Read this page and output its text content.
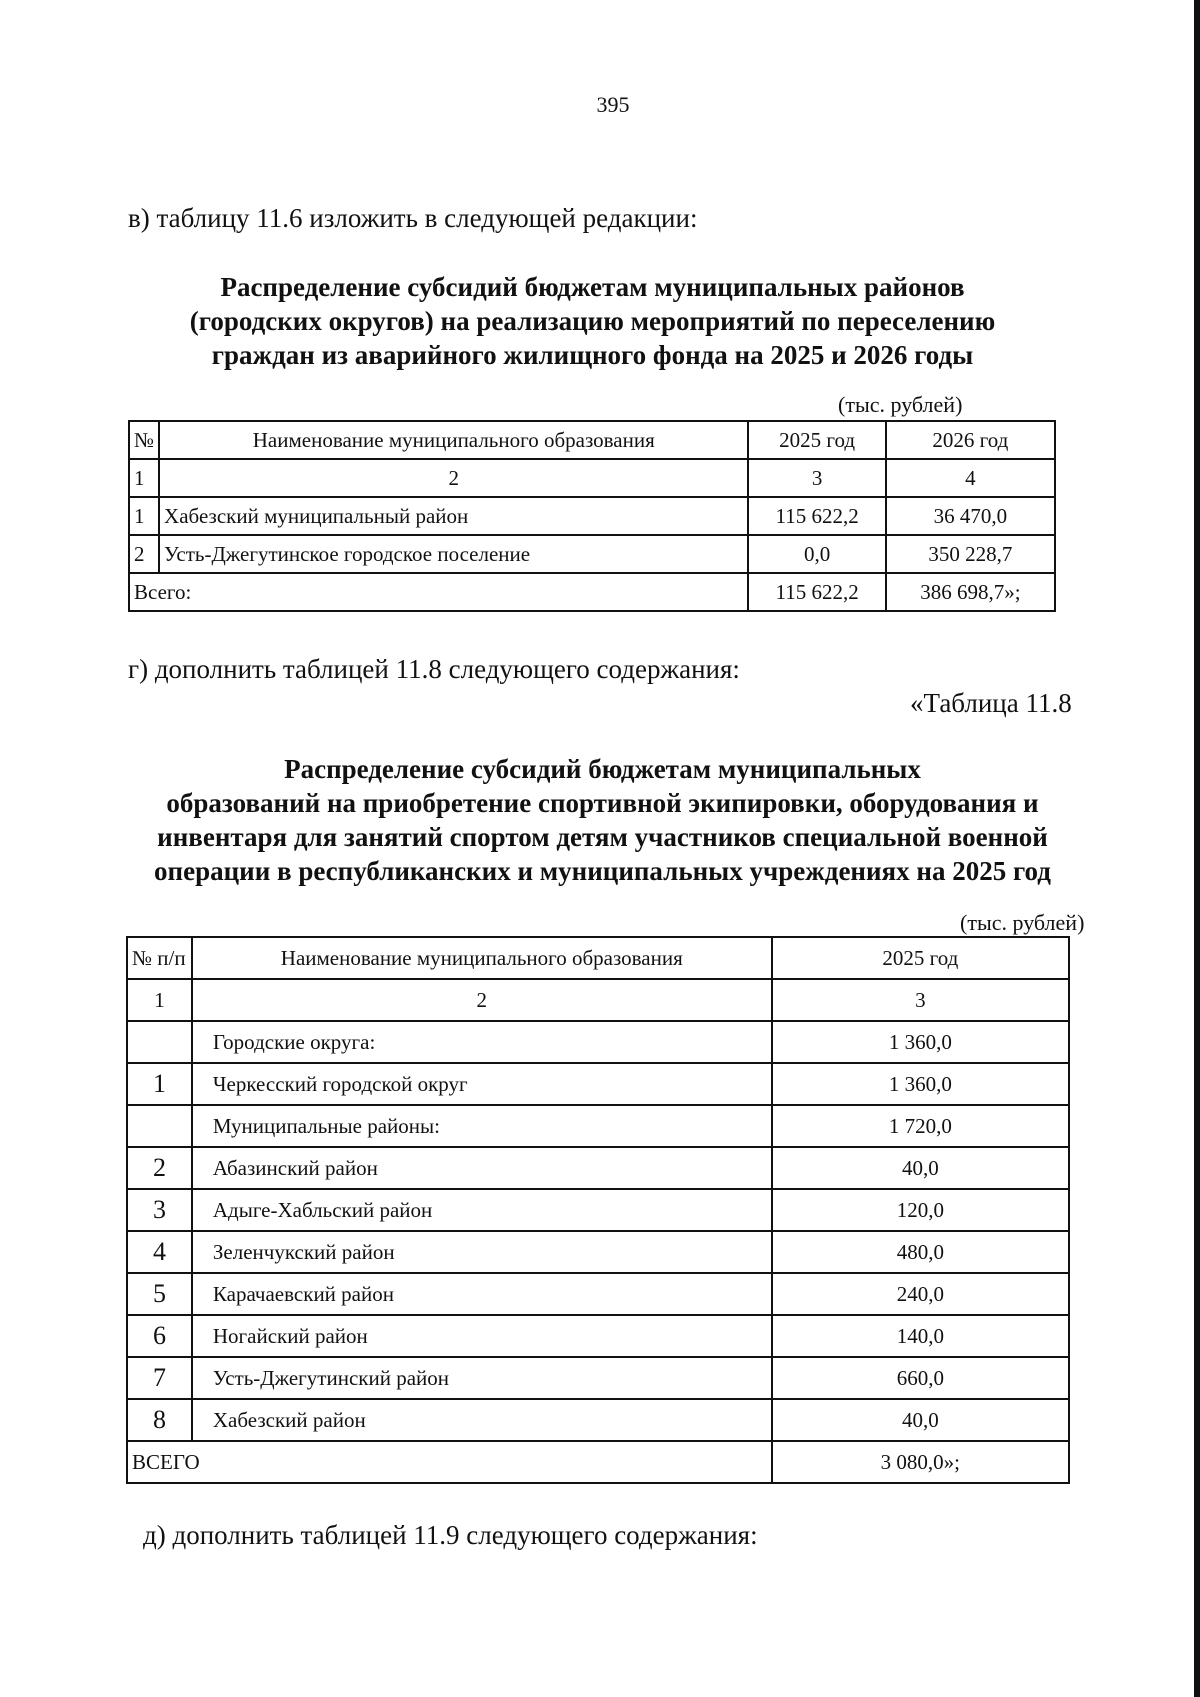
395
в) таблицу 11.6 изложить в следующей редакции:
Распределение субсидий бюджетам муниципальных районов
(городских округов) на реализацию мероприятий по переселению
граждан из аварийного жилищного фонда на 2025 и 2026 годы
(тыс. рублей)
№	Наименование муниципального образования	2025 год	2026 год
1	2	3	4
1	Хабезский муниципальный район	115 622,2	36 470,0
2	Усть-Джегутинское городское поселение	0,0	350 228,7
Всего:		115 622,2	386 698,7»;
г) дополнить таблицей 11.8 следующего содержания:
«Таблица 11.8
Распределение субсидий бюджетам муниципальных
образований на приобретение спортивной экипировки, оборудования и
инвентаря для занятий спортом детям участников специальной военной
операции в республиканских и муниципальных учреждениях на 2025 год
(тыс. рублей)
№ п/п	Наименование муниципального образования	2025 год
1	2	3
	Городские округа:	1 360,0
1	Черкесский городской округ	1 360,0
	Муниципальные районы:	1 720,0
2	Абазинский район	40,0
3	Адыге-Хабльский район	120,0
4	Зеленчукский район	480,0
5	Карачаевский район	240,0
6	Ногайский район	140,0
7	Усть-Джегутинский район	660,0
8	Хабезский район	40,0
ВСЕГО		3 080,0»;
д) дополнить таблицей 11.9 следующего содержания:
